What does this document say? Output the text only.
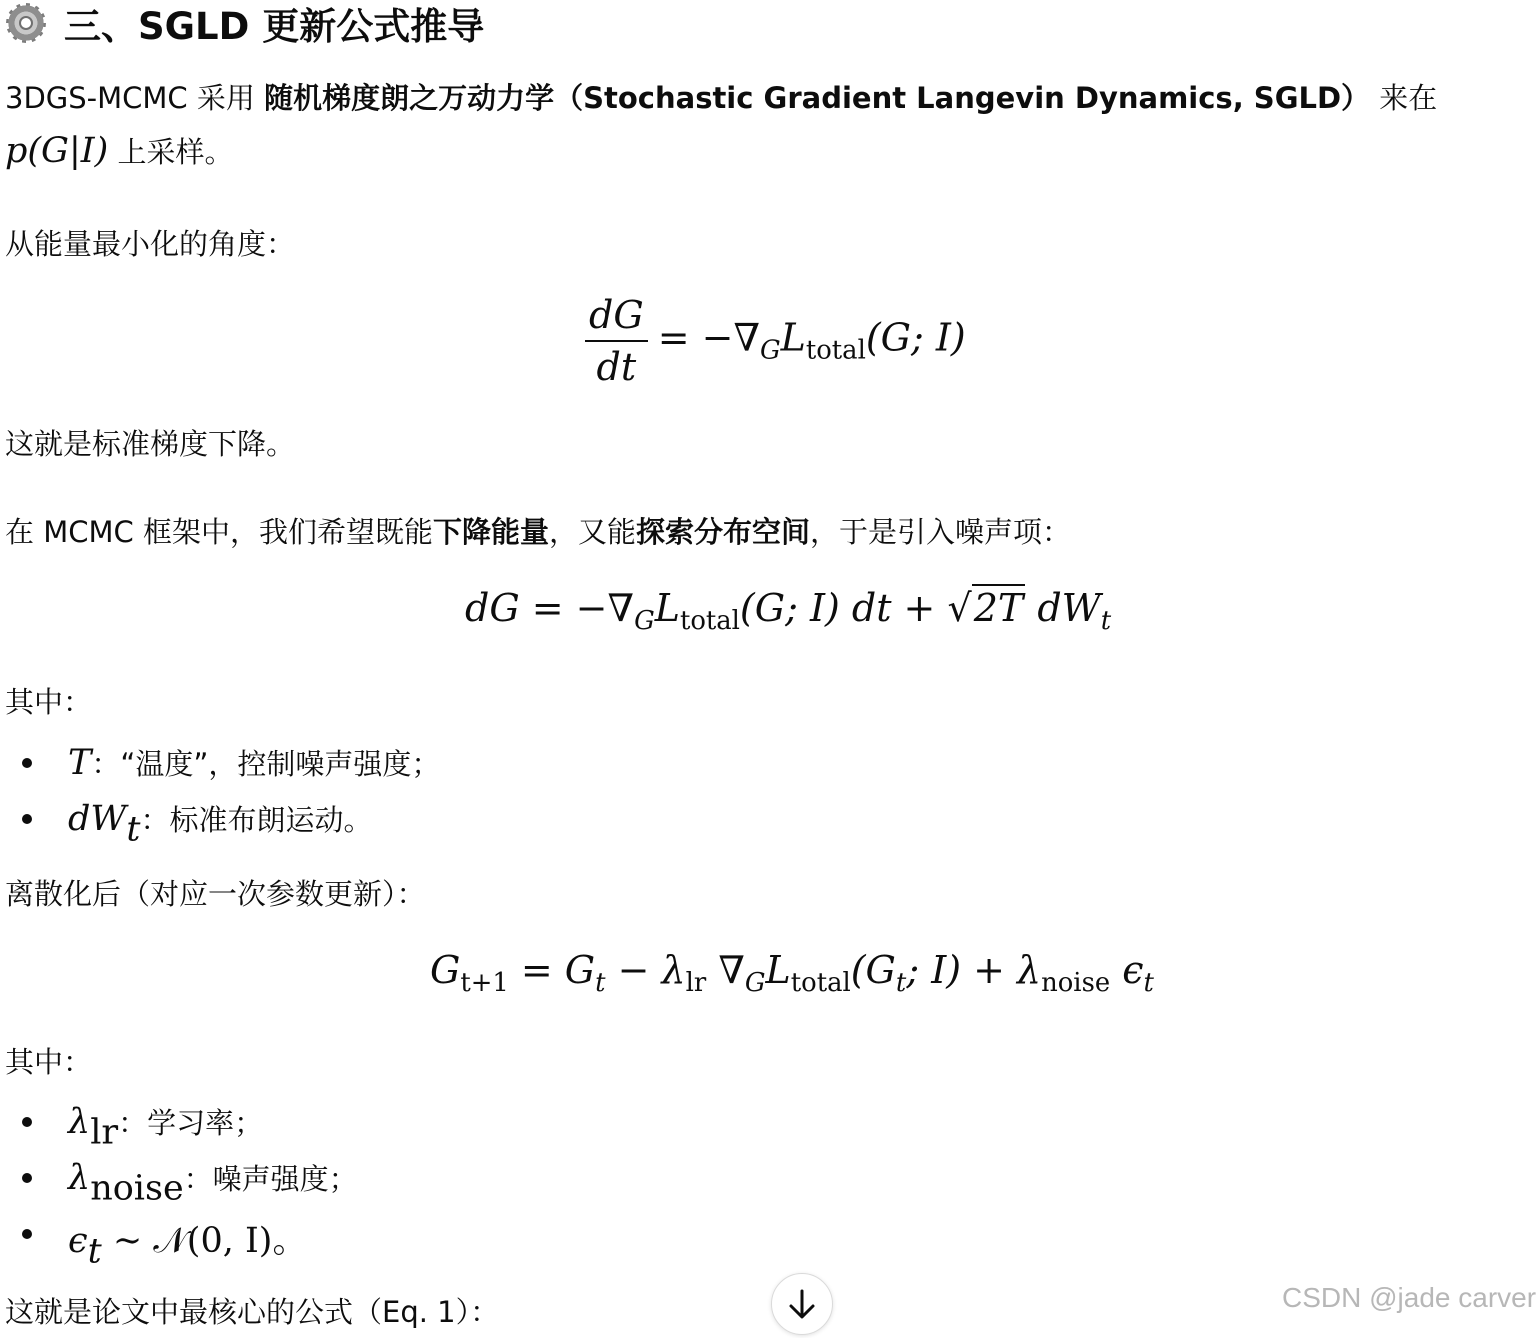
三、SGLD 更新公式推导
3DGS-MCMC 采用 随机梯度朗之万动力学（Stochastic Gradient Langevin Dynamics, SGLD） 来在
p(G|I) 上采样。
从能量最小化的角度：
$\frac{dG}{dt} = -\nabla_GL_{total}(G$; I)
这就是标准梯度下降。
在 MCMC 框架中，我们希望既能下降能量，又能探索分布空间，于是引入噪声项：
dG = $-\nabla_GL_{total}(G$; I) dt + √2T $dW_t$
其中：
T：“温度”，控制噪声强度；
$dW_t$：标准布朗运动。
离散化后（对应一次参数更新）：
$G_{t+1} = G_t - \lambda_{lr}$ $\nabla_GL_{total}(G_t$; $I) + \lambda_{noise}$ $\epsilon_t$
其中：
$\lambda_{lr}$：学习率；
$\lambda_{noise}$：噪声强度；
$\epsilon_t$ ∼ 𝒩(0, I)。
这就是论文中最核心的公式（Eq. 1）：	CSDN @jade carver
